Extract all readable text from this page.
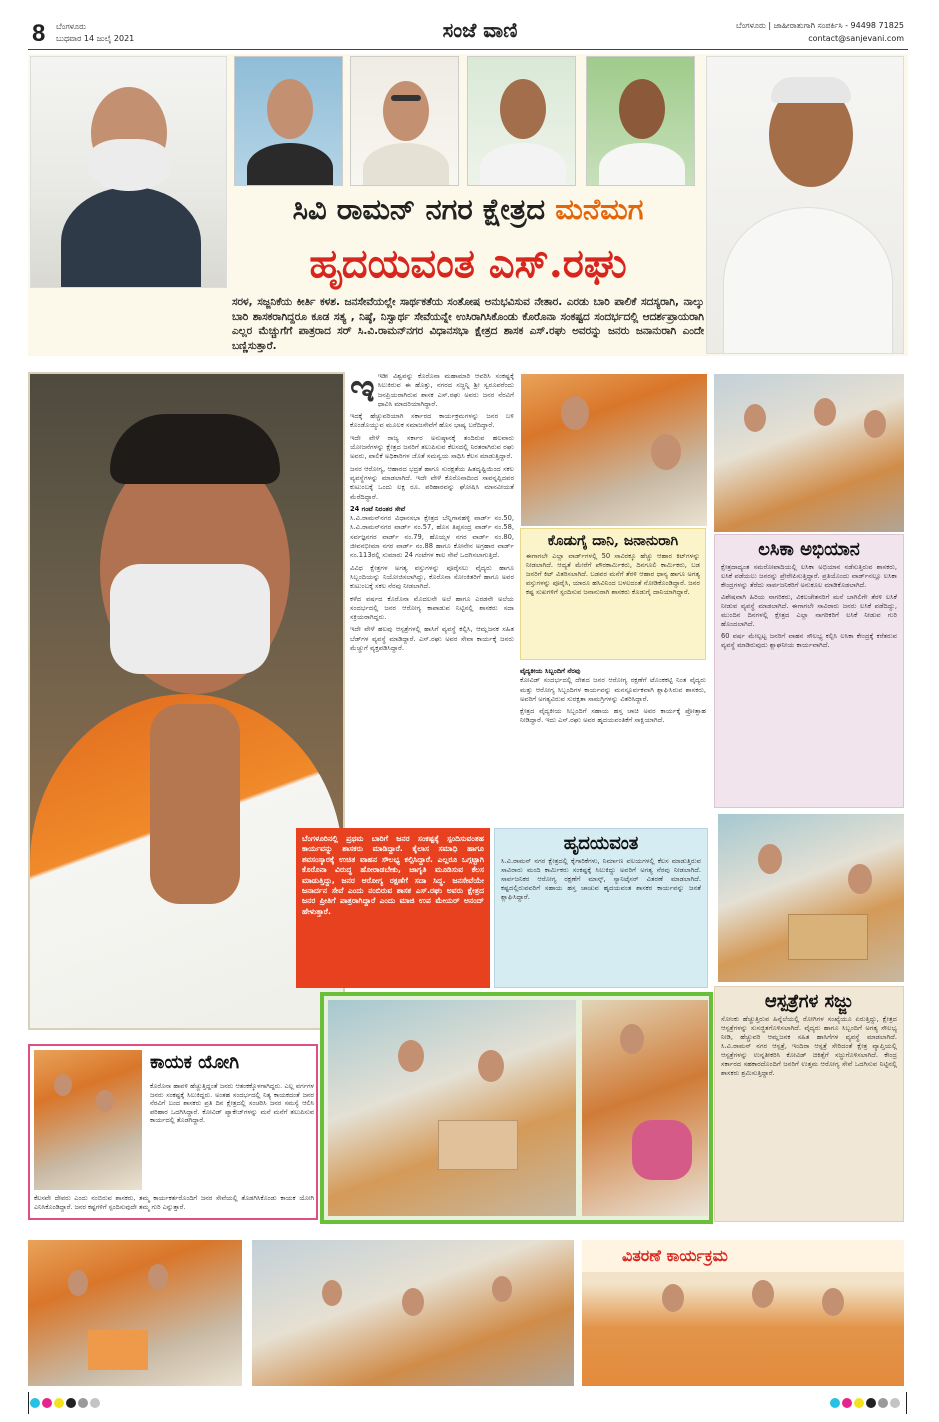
8 ಬೆಂಗಳೂರು
ಬುಧವಾರ 14 ಜುಲೈ 2021	ಸಂಜೆ ವಾಣಿ	ಬೆಂಗಳೂರು | ಜಾಹೀರಾತುಗಾಗಿ ಸಂಪರ್ಕಿಸಿ - 94498 71825
contact@sanjevani.com
ಸಿವಿ ರಾಮನ್ ನಗರ ಕ್ಷೇತ್ರದ ಮನೆಮಗ
ಹೃದಯವಂತ ಎಸ್.ರಘು
ಸರಳ, ಸಜ್ಜನಿಕೆಯ ಕೀರ್ತಿ ಕಳಶ. ಜನಸೇವೆಯಲ್ಲೇ ಸಾರ್ಥಕತೆಯ ಸಂತೋಷ ಅನುಭವಿಸುವ ನೇತಾರ. ಎರಡು ಬಾರಿ ಪಾಲಿಕೆ ಸದಸ್ಯರಾಗಿ, ನಾಲ್ಕು ಬಾರಿ ಶಾಸಕರಾಗಿದ್ದರೂ ಕೂಡ ಸತ್ಯ , ನಿಷ್ಠೆ, ನಿಸ್ವಾರ್ಥ ಸೇವೆಯನ್ನೇ ಉಸಿರಾಗಿಸಿಕೊಂಡು ಕೊರೊನಾ ಸಂಕಷ್ಟದ ಸಂದರ್ಭದಲ್ಲಿ ಆದರ್ಶಪ್ರಾಯರಾಗಿ ಎಲ್ಲರ ಮೆಚ್ಚುಗೆಗೆ ಪಾತ್ರರಾದ ಸರ್ ಸಿ.ವಿ.ರಾಮನ್‌ನಗರ ವಿಧಾನಸಭಾ ಕ್ಷೇತ್ರದ ಶಾಸಕ ಎಸ್.ರಘು ಅವರನ್ನು ಜನರು ಜನಾನುರಾಗಿ ಎಂದೇ ಬಣ್ಣಿಸುತ್ತಾರೆ.
ಇ ಇಡೀ ವಿಶ್ವವನ್ನು ಕೊರೊನಾ ಮಹಾಮಾರಿ ಆವರಿಸಿ ಸಂಕಷ್ಟಕ್ಕೆ ಸಿಲುಕಿರುವ ಈ ಹೊತ್ತು, ನಗರದ ಸಜ್ಜನ್ನಿ ಶ್ರೀ ಸ್ವರೂಪರೆಂದು ಜನಪ್ರಿಯರಾಗಿರುವ ಶಾಸಕ ಎಸ್.ರಘು ಅವರು ಜನರ ನೆರವಿಗೆ ಧಾವಿಸಿ ಮಾದರಿಯಾಗಿದ್ದಾರೆ.
ಇದಕ್ಕೆ ಹೆಚ್ಚುವರಿಯಾಗಿ ಸರ್ಕಾರದ ಕಾರ್ಯಕ್ರಮಗಳನ್ನು ಜನರ ಬಳಿ ಕೊಂಡೊಯ್ಯುವ ಮೂಲಕ ಸಮಾಜಸೇವೆಗೆ ಹೊಸ ಭಾಷ್ಯ ಬರೆದಿದ್ದಾರೆ.
ಇದೇ ವೇಳೆ ರಾಜ್ಯ ಸರ್ಕಾರ ಅನುಷ್ಠಾನಕ್ಕೆ ತಂದಿರುವ ಹಲವಾರು ಯೋಜನೆಗಳನ್ನು ಕ್ಷೇತ್ರದ ಜನರಿಗೆ ತಲುಪಿಸುವ ಕೆಲಸದಲ್ಲಿ ನಿರತರಾಗಿರುವ ರಘು ಅವರು, ಪಾಲಿಕೆ ಅಧಿಕಾರಿಗಳ ಜೊತೆ ಸಮನ್ವಯ ಸಾಧಿಸಿ ಕೆಲಸ ಮಾಡುತ್ತಿದ್ದಾರೆ.
ಜನರ ಆರೋಗ್ಯ, ಆಹಾರದ ಭದ್ರತೆ ಹಾಗೂ ಸುರಕ್ಷತೆಯ ಹಿತದೃಷ್ಟಿಯಿಂದ ಸಕಲ ವ್ಯವಸ್ಥೆಗಳನ್ನು ಮಾಡಲಾಗಿದೆ. ಇದೇ ವೇಳೆ ಕೊರೊನಾದಿಂದ ಸಾವನ್ನಪ್ಪಿದವರ ಕುಟುಂಬಕ್ಕೆ ಒಂದು ಲಕ್ಷ ರೂ. ಪರಿಹಾರವನ್ನು ಘೋಷಿಸಿ ಮಾನವೀಯತೆ ಮೆರೆದಿದ್ದಾರೆ.
24 ಗಂಟೆ ನಿರಂತರ ಸೇವೆ
ಸಿ.ವಿ.ರಾಮನ್‌ನಗರ ವಿಧಾನಸಭಾ ಕ್ಷೇತ್ರದ ಬೆನ್ನಿಗಾನಹಳ್ಳಿ ವಾರ್ಡ್ ನಂ.50, ಸಿ.ವಿ.ರಾಮನ್‌ನಗರ ವಾರ್ಡ್ ನಂ.57, ಹೊಸ ತಿಪ್ಪಸಂದ್ರ ವಾರ್ಡ್ ನಂ.58, ಸರ್ವಜ್ಞನಗರ ವಾರ್ಡ್ ನಂ.79, ಹೊಯ್ಸಳ ನಗರ ವಾರ್ಡ್ ನಂ.80, ಜೀವನಭೀಮಾ ನಗರ ವಾರ್ಡ್ ನಂ.88 ಹಾಗೂ ಕೋನೇನ ಅಗ್ರಹಾರ ವಾರ್ಡ್ ನಂ.113ರಲ್ಲಿ ಸುಮಾರು 24 ಗಂಟೆಗಳ ಕಾಲ ಸೇವೆ ಒದಗಿಸಲಾಗುತ್ತಿದೆ.
ವಿವಿಧ ಕ್ಷೇತ್ರಗಳ ಅಗತ್ಯ ವಸ್ತುಗಳನ್ನು ಪೂರೈಸಲು ವೈದ್ಯರು ಹಾಗೂ ಸಿಬ್ಬಂದಿಯನ್ನು ನಿಯೋಜಿಸಲಾಗಿದ್ದು, ಕೊರೊನಾ ಸೋಂಕಿತರಿಗೆ ಹಾಗೂ ಅವರ ಕುಟುಂಬಕ್ಕೆ ಸಕಲ ನೆರವು ನೀಡಲಾಗಿದೆ.
ಕಳೆದ ವರ್ಷದ ಕೊರೊನಾ ಮೊದಲನೇ ಅಲೆ ಹಾಗೂ ಎರಡನೇ ಅಲೆಯ ಸಂದರ್ಭದಲ್ಲಿ ಜನರ ಆರೋಗ್ಯ ಕಾಪಾಡುವ ನಿಟ್ಟಿನಲ್ಲಿ ಶಾಸಕರು ಸದಾ ಸಕ್ರಿಯರಾಗಿದ್ದರು.
ಇದೇ ವೇಳೆ ಹಲವು ಆಸ್ಪತ್ರೆಗಳಲ್ಲಿ ಹಾಸಿಗೆ ವ್ಯವಸ್ಥೆ ಕಲ್ಪಿಸಿ, ಆಮ್ಲಜನಕ ಸಹಿತ ಬೆಡ್‌ಗಳ ವ್ಯವಸ್ಥೆ ಮಾಡಿದ್ದಾರೆ. ಎಸ್.ರಘು ಅವರ ಸೇವಾ ಕಾರ್ಯಕ್ಕೆ ಜನರು ಮೆಚ್ಚುಗೆ ವ್ಯಕ್ತಪಡಿಸಿದ್ದಾರೆ.
ಕೊಡುಗೈ ದಾನಿ, ಜನಾನುರಾಗಿ
ಈಗಾಗಲೇ ಎಲ್ಲಾ ವಾರ್ಡ್‌ಗಳಲ್ಲಿ 50 ಸಾವಿರಕ್ಕೂ ಹೆಚ್ಚು ಆಹಾರ ಕಿಟ್‌ಗಳನ್ನು ನೀಡಲಾಗಿದೆ. ಆದ್ಯತೆ ಮೇರೆಗೆ ಪೌರಕಾರ್ಮಿಕರು, ದಿನಗೂಲಿ ಕಾರ್ಮಿಕರು, ಬಡ ಜನರಿಗೆ ಕಿಟ್ ವಿತರಿಸಲಾಗಿದೆ. ಬಡವರ ಮನೆಗೆ ತೆರಳಿ ಆಹಾರ ಧಾನ್ಯ ಹಾಗೂ ಅಗತ್ಯ ವಸ್ತುಗಳನ್ನು ಪೂರೈಸಿ, ಯಾರೂ ಹಸಿವಿನಿಂದ ಬಳಲದಂತೆ ನೋಡಿಕೊಂಡಿದ್ದಾರೆ. ಜನರ ಕಷ್ಟ ಸುಖಗಳಿಗೆ ಸ್ಪಂದಿಸುವ ಜನಾನುರಾಗಿ ಶಾಸಕರು ಕೊಡುಗೈ ದಾನಿಯಾಗಿದ್ದಾರೆ.
ವೈದ್ಯಕೀಯ ಸಿಬ್ಬಂದಿಗೆ ನೆರವು
ಕೋವಿಡ್ ಸಂದರ್ಭದಲ್ಲಿ ದೇಶದ ಜನರ ಆರೋಗ್ಯ ರಕ್ಷಣೆಗೆ ಟೊಂಕಕಟ್ಟಿ ನಿಂತ ವೈದ್ಯರು ಮತ್ತು ಆರೋಗ್ಯ ಸಿಬ್ಬಂದಿಗಳ ಕಾರ್ಯವನ್ನು ಮನಸ್ಪೂರ್ವಕವಾಗಿ ಶ್ಲಾಘಿಸಿರುವ ಶಾಸಕರು, ಅವರಿಗೆ ಅಗತ್ಯವಿರುವ ಸುರಕ್ಷತಾ ಸಾಮಗ್ರಿಗಳನ್ನು ವಿತರಿಸಿದ್ದಾರೆ.
ಕ್ಷೇತ್ರದ ವೈದ್ಯಕೀಯ ಸಿಬ್ಬಂದಿಗೆ ಸಹಾಯ ಹಸ್ತ ಚಾಚಿ ಅವರ ಕಾರ್ಯಕ್ಕೆ ಪ್ರೋತ್ಸಾಹ ನೀಡಿದ್ದಾರೆ. ಇದು ಎಸ್.ರಘು ಅವರ ಹೃದಯವಂತಿಕೆಗೆ ಸಾಕ್ಷಿಯಾಗಿದೆ.
ಲಸಿಕಾ ಅಭಿಯಾನ
ಕ್ಷೇತ್ರದಾದ್ಯಂತ ಸಮರೋಪಾದಿಯಲ್ಲಿ ಲಸಿಕಾ ಅಭಿಯಾನ ನಡೆಸುತ್ತಿರುವ ಶಾಸಕರು, ಲಸಿಕೆ ಪಡೆಯಲು ಜನರನ್ನು ಪ್ರೇರೇಪಿಸುತ್ತಿದ್ದಾರೆ. ಪ್ರತಿಯೊಂದು ವಾರ್ಡ್‌ನಲ್ಲೂ ಲಸಿಕಾ ಕೇಂದ್ರಗಳನ್ನು ತೆರೆದು ಸಾರ್ವಜನಿಕರಿಗೆ ಅನುಕೂಲ ಮಾಡಿಕೊಡಲಾಗಿದೆ.
ವಿಶೇಷವಾಗಿ ಹಿರಿಯ ನಾಗರಿಕರು, ವಿಕಲಚೇತನರಿಗೆ ಮನೆ ಬಾಗಿಲಿಗೇ ತೆರಳಿ ಲಸಿಕೆ ನೀಡುವ ವ್ಯವಸ್ಥೆ ಮಾಡಲಾಗಿದೆ. ಈಗಾಗಲೇ ಸಾವಿರಾರು ಜನರು ಲಸಿಕೆ ಪಡೆದಿದ್ದು, ಮುಂದಿನ ದಿನಗಳಲ್ಲಿ ಕ್ಷೇತ್ರದ ಎಲ್ಲಾ ನಾಗರಿಕರಿಗೆ ಲಸಿಕೆ ನೀಡುವ ಗುರಿ ಹೊಂದಲಾಗಿದೆ.
60 ವರ್ಷ ಮೇಲ್ಪಟ್ಟ ಜನರಿಗೆ ವಾಹನ ಸೌಲಭ್ಯ ಕಲ್ಪಿಸಿ ಲಸಿಕಾ ಕೇಂದ್ರಕ್ಕೆ ಕರೆತರುವ ವ್ಯವಸ್ಥೆ ಮಾಡಿರುವುದು ಶ್ಲಾಘನೀಯ ಕಾರ್ಯವಾಗಿದೆ.
ಬೆಂಗಳೂರಿನಲ್ಲಿ ಪ್ರಥಮ ಬಾರಿಗೆ ಜನರ ಸಂಕಷ್ಟಕ್ಕೆ ಸ್ಪಂದಿಸುವಂತಹ ಕಾರ್ಯವನ್ನು ಶಾಸಕರು ಮಾಡಿದ್ದಾರೆ. ಕೈಲಾಸ ಸಮಾಧಿ ಹಾಗೂ ಶವಸಂಸ್ಕಾರಕ್ಕೆ ಉಚಿತ ವಾಹನ ಸೌಲಭ್ಯ ಕಲ್ಪಿಸಿದ್ದಾರೆ. ಎಲ್ಲರೂ ಒಗ್ಗಟ್ಟಾಗಿ ಕೊರೊನಾ ವಿರುದ್ಧ ಹೋರಾಡಬೇಕು, ಜಾಗೃತಿ ಮೂಡಿಸುವ ಕೆಲಸ ಮಾಡುತ್ತಿದ್ದು, ಜನರ ಆರೋಗ್ಯ ರಕ್ಷಣೆಗೆ ಸದಾ ಸಿದ್ಧ. ಜನಸೇವೆಯೇ ಜನಾರ್ದನ ಸೇವೆ ಎಂದು ನಂಬಿರುವ ಶಾಸಕ ಎಸ್.ರಘು ಅವರು ಕ್ಷೇತ್ರದ ಜನರ ಪ್ರೀತಿಗೆ ಪಾತ್ರರಾಗಿದ್ದಾರೆ ಎಂದು ಮಾಜಿ ಉಪ ಮೇಯರ್ ಆನಂದ್ ಹೇಳುತ್ತಾರೆ.
ಹೃದಯವಂತ
ಸಿ.ವಿ.ರಾಮನ್ ನಗರ ಕ್ಷೇತ್ರದಲ್ಲಿ ಕೈಗಾರಿಕೆಗಳು, ನಿರ್ಮಾಣ ವಲಯಗಳಲ್ಲಿ ಕೆಲಸ ಮಾಡುತ್ತಿರುವ ಸಾವಿರಾರು ಮಂದಿ ಕಾರ್ಮಿಕರು ಸಂಕಷ್ಟಕ್ಕೆ ಸಿಲುಕಿದ್ದು ಅವರಿಗೆ ಅಗತ್ಯ ನೆರವು ನೀಡಲಾಗಿದೆ. ಸಾರ್ವಜನಿಕರ ಆರೋಗ್ಯ ರಕ್ಷಣೆಗೆ ಮಾಸ್ಕ್, ಸ್ಯಾನಿಟೈಸರ್ ವಿತರಣೆ ಮಾಡಲಾಗಿದೆ. ಕಷ್ಟದಲ್ಲಿರುವವರಿಗೆ ಸಹಾಯ ಹಸ್ತ ಚಾಚುವ ಹೃದಯವಂತ ಶಾಸಕರ ಕಾರ್ಯವನ್ನು ಜನತೆ ಶ್ಲಾಘಿಸಿದ್ದಾರೆ.
ಆಸ್ಪತ್ರೆಗಳ ಸಜ್ಜು
ಸೋಂಕು ಹೆಚ್ಚುತ್ತಿರುವ ಹಿನ್ನೆಲೆಯಲ್ಲಿ ರೋಗಿಗಳ ಸಂಖ್ಯೆಯೂ ಏರುತ್ತಿದ್ದು, ಕ್ಷೇತ್ರದ ಆಸ್ಪತ್ರೆಗಳನ್ನು ಸುಸಜ್ಜಿತಗೊಳಿಸಲಾಗಿದೆ. ವೈದ್ಯರು ಹಾಗೂ ಸಿಬ್ಬಂದಿಗೆ ಅಗತ್ಯ ಸೌಲಭ್ಯ ನೀಡಿ, ಹೆಚ್ಚುವರಿ ಆಮ್ಲಜನಕ ಸಹಿತ ಹಾಸಿಗೆಗಳ ವ್ಯವಸ್ಥೆ ಮಾಡಲಾಗಿದೆ. ಸಿ.ವಿ.ರಾಮನ್ ನಗರ ಆಸ್ಪತ್ರೆ, ಇಂದಿರಾ ಆಸ್ಪತ್ರೆ ಸೇರಿದಂತೆ ಕ್ಷೇತ್ರ ವ್ಯಾಪ್ತಿಯಲ್ಲಿ ಆಸ್ಪತ್ರೆಗಳನ್ನು ಉನ್ನತೀಕರಿಸಿ ಕೋವಿಡ್ ಚಿಕಿತ್ಸೆಗೆ ಸಜ್ಜುಗೊಳಿಸಲಾಗಿದೆ. ಕೇಂದ್ರ ಸರ್ಕಾರದ ಸಹಕಾರದೊಂದಿಗೆ ಜನರಿಗೆ ಉತ್ತಮ ಆರೋಗ್ಯ ಸೇವೆ ಒದಗಿಸುವ ನಿಟ್ಟಿನಲ್ಲಿ ಶಾಸಕರು ಶ್ರಮಿಸುತ್ತಿದ್ದಾರೆ.
ಕಾಯಕ ಯೋಗಿ
ಕೊರೊನಾ ಹಾವಳಿ ಹೆಚ್ಚುತ್ತಿದ್ದಂತೆ ಜನರು ಆತಂಕಕ್ಕೊಳಗಾಗಿದ್ದರು. ಎಲ್ಲ ವರ್ಗಗಳ ಜನರು ಸಂಕಷ್ಟಕ್ಕೆ ಸಿಲುಕಿದ್ದರು. ಅಂತಹ ಸಂದರ್ಭದಲ್ಲಿ ನಿತ್ಯ ಕಾಯಕದಂತೆ ಜನರ ನೆರವಿಗೆ ಬಂದ ಶಾಸಕರು ಪ್ರತಿ ದಿನ ಕ್ಷೇತ್ರದಲ್ಲಿ ಸಂಚರಿಸಿ ಜನರ ಸಮಸ್ಯೆ ಆಲಿಸಿ ಪರಿಹಾರ ಒದಗಿಸಿದ್ದಾರೆ. ಕೋವಿಡ್ ಪ್ಯಾಕೇಜ್‌ಗಳನ್ನು ಮನೆ ಮನೆಗೆ ತಲುಪಿಸುವ ಕಾರ್ಯದಲ್ಲಿ ತೊಡಗಿದ್ದಾರೆ.
ಕೆಲಸವೇ ದೇವರು ಎಂದು ನಂಬಿರುವ ಶಾಸಕರು, ತಮ್ಮ ಕಾರ್ಯಕರ್ತರೊಂದಿಗೆ ಜನರ ಸೇವೆಯಲ್ಲಿ ತೊಡಗಿಸಿಕೊಂಡು ಕಾಯಕ ಯೋಗಿ ಎನಿಸಿಕೊಂಡಿದ್ದಾರೆ. ಜನರ ಕಷ್ಟಗಳಿಗೆ ಸ್ಪಂದಿಸುವುದೇ ತಮ್ಮ ಗುರಿ ಎನ್ನುತ್ತಾರೆ.
ವಿತರಣೆ ಕಾರ್ಯಕ್ರಮ
